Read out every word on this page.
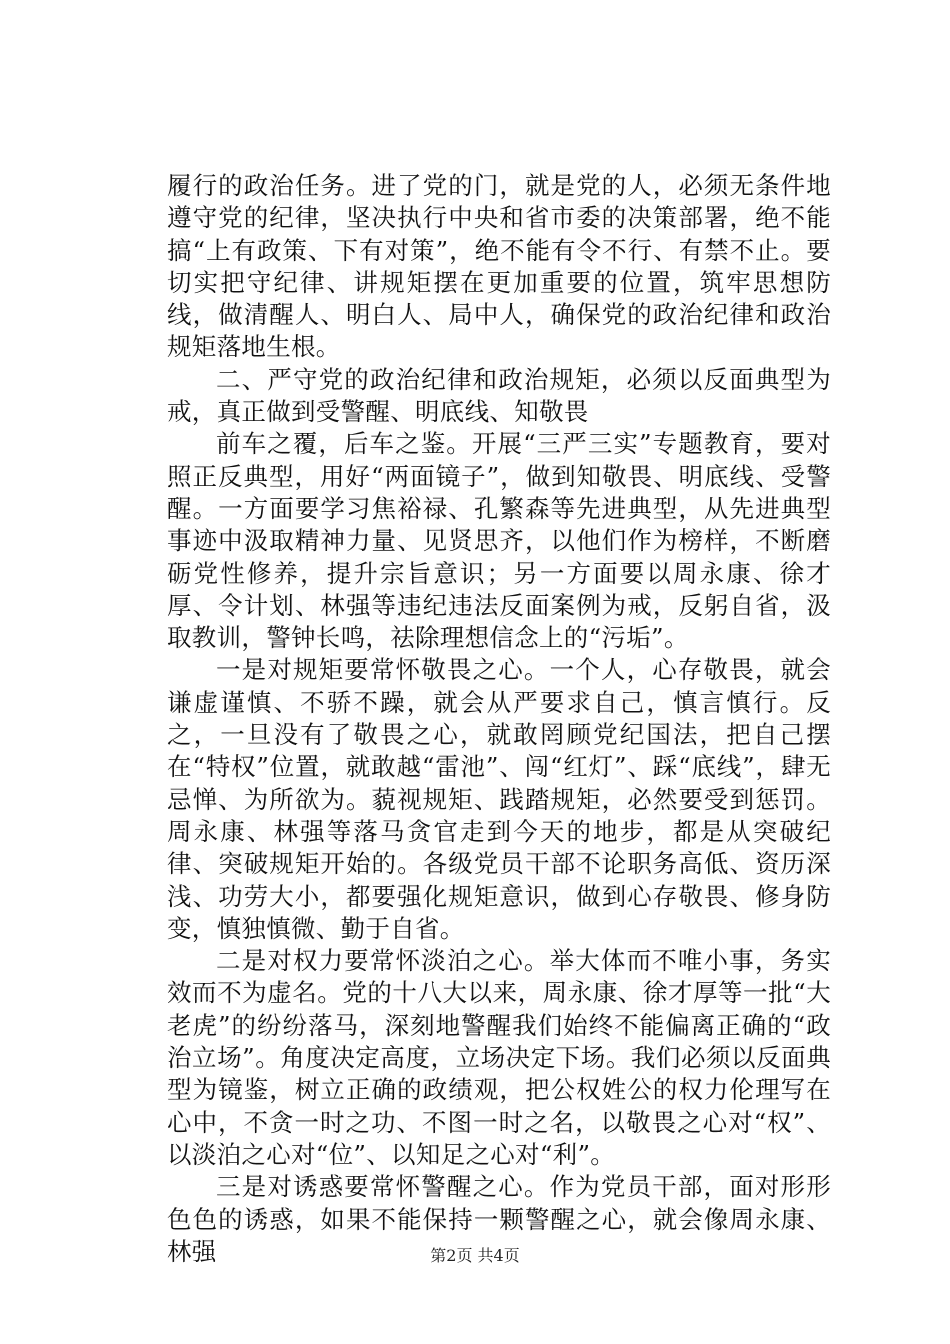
履行的政治任务。进了党的门，就是党的人，必须无条件地遵守党的纪律，坚决执行中央和省市委的决策部署，绝不能搞“上有政策、下有对策”，绝不能有令不行、有禁不止。要切实把守纪律、讲规矩摆在更加重要的位置，筑牢思想防线，做清醒人、明白人、局中人，确保党的政治纪律和政治规矩落地生根。

二、严守党的政治纪律和政治规矩，必须以反面典型为戒，真正做到受警醒、明底线、知敬畏

前车之覆，后车之鉴。开展“三严三实”专题教育，要对照正反典型，用好“两面镜子”，做到知敬畏、明底线、受警醒。一方面要学习焦裕禄、孔繁森等先进典型，从先进典型事迹中汲取精神力量、见贤思齐，以他们作为榜样，不断磨砺党性修养，提升宗旨意识；另一方面要以周永康、徐才厚、令计划、林强等违纪违法反面案例为戒，反躬自省，汲取教训，警钟长鸣，祛除理想信念上的“污垢”。

一是对规矩要常怀敬畏之心。一个人，心存敬畏，就会谦虚谨慎、不骄不躁，就会从严要求自己，慎言慎行。反之，一旦没有了敬畏之心，就敢罔顾党纪国法，把自己摆在“特权”位置，就敢越“雷池”、闯“红灯”、踩“底线”，肆无忌惮、为所欲为。藐视规矩、践踏规矩，必然要受到惩罚。周永康、林强等落马贪官走到今天的地步，都是从突破纪律、突破规矩开始的。各级党员干部不论职务高低、资历深浅、功劳大小，都要强化规矩意识，做到心存敬畏、修身防变，慎独慎微、勤于自省。

二是对权力要常怀淡泊之心。举大体而不唯小事，务实效而不为虚名。党的十八大以来，周永康、徐才厚等一批“大老虎”的纷纷落马，深刻地警醒我们始终不能偏离正确的“政治立场”。角度决定高度，立场决定下场。我们必须以反面典型为镜鉴，树立正确的政绩观，把公权姓公的权力伦理写在心中，不贪一时之功、不图一时之名，以敬畏之心对“权”、以淡泊之心对“位”、以知足之心对“利”。

三是对诱惑要常怀警醒之心。作为党员干部，面对形形色色的诱惑，如果不能保持一颗警醒之心，就会像周永康、林强	第2页 共4页
